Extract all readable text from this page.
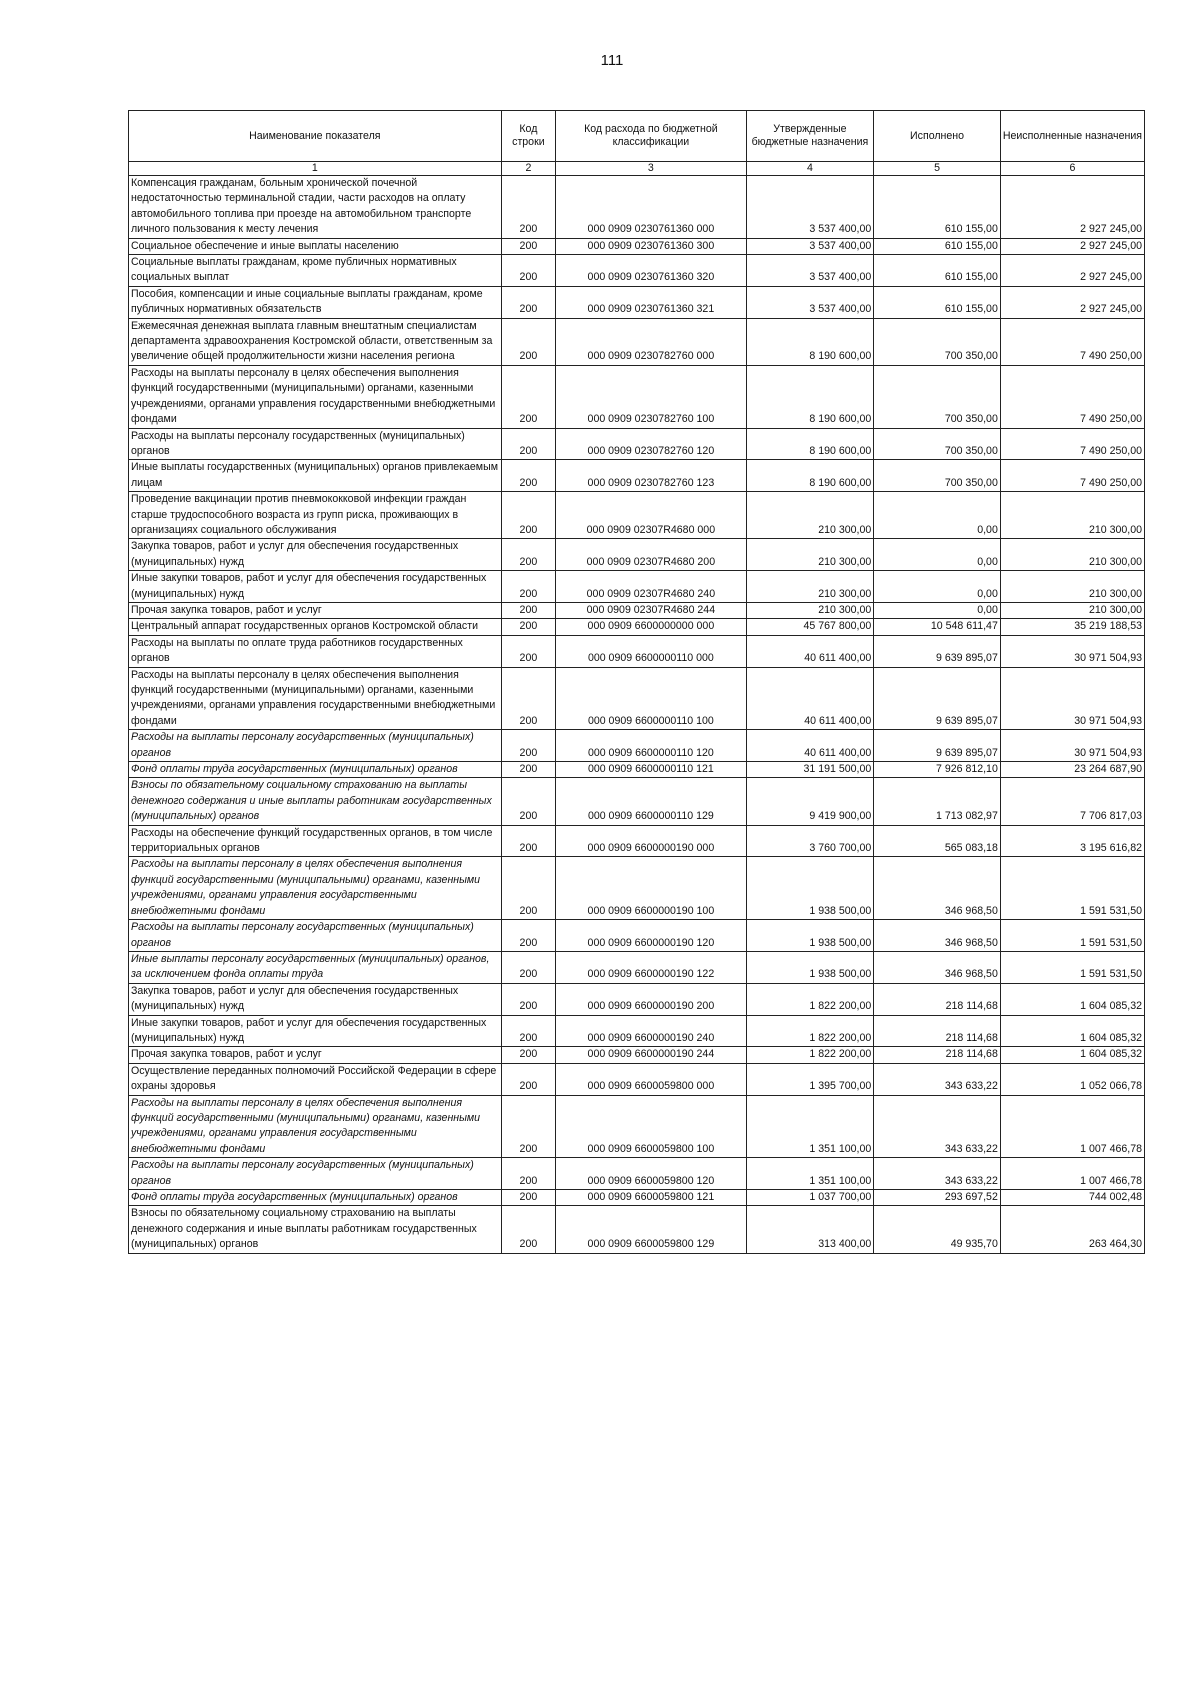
111
Наименование показателя	Код строки	Код расхода по бюджетной классификации	Утвержденные бюджетные назначения	Исполнено	Неисполненные назначения
1	2	3	4	5	6
Компенсация гражданам, больным хронической почечной недостаточностью терминальной стадии, части расходов на оплату автомобильного топлива при проезде на автомобильном транспорте личного пользования к месту лечения	200	000 0909 0230761360 000	3 537 400,00	610 155,00	2 927 245,00
Социальное обеспечение и иные выплаты населению	200	000 0909 0230761360 300	3 537 400,00	610 155,00	2 927 245,00
Социальные выплаты гражданам, кроме публичных нормативных социальных выплат	200	000 0909 0230761360 320	3 537 400,00	610 155,00	2 927 245,00
Пособия, компенсации и иные социальные выплаты гражданам, кроме публичных нормативных обязательств	200	000 0909 0230761360 321	3 537 400,00	610 155,00	2 927 245,00
Ежемесячная денежная выплата главным внештатным специалистам департамента здравоохранения Костромской области, ответственным за увеличение общей продолжительности жизни населения региона	200	000 0909 0230782760 000	8 190 600,00	700 350,00	7 490 250,00
Расходы на выплаты персоналу в целях обеспечения выполнения функций государственными (муниципальными) органами, казенными учреждениями, органами управления государственными внебюджетными фондами	200	000 0909 0230782760 100	8 190 600,00	700 350,00	7 490 250,00
Расходы на выплаты персоналу государственных (муниципальных) органов	200	000 0909 0230782760 120	8 190 600,00	700 350,00	7 490 250,00
Иные выплаты государственных (муниципальных) органов привлекаемым лицам	200	000 0909 0230782760 123	8 190 600,00	700 350,00	7 490 250,00
Проведение вакцинации против пневмококковой инфекции граждан старше трудоспособного возраста из групп риска, проживающих в организациях социального обслуживания	200	000 0909 02307R4680 000	210 300,00	0,00	210 300,00
Закупка товаров, работ и услуг для обеспечения государственных (муниципальных) нужд	200	000 0909 02307R4680 200	210 300,00	0,00	210 300,00
Иные закупки товаров, работ и услуг для обеспечения государственных (муниципальных) нужд	200	000 0909 02307R4680 240	210 300,00	0,00	210 300,00
Прочая закупка товаров, работ и услуг	200	000 0909 02307R4680 244	210 300,00	0,00	210 300,00
Центральный аппарат государственных органов Костромской области	200	000 0909 6600000000 000	45 767 800,00	10 548 611,47	35 219 188,53
Расходы на выплаты по оплате труда работников государственных органов	200	000 0909 6600000110 000	40 611 400,00	9 639 895,07	30 971 504,93
Расходы на выплаты персоналу в целях обеспечения выполнения функций государственными (муниципальными) органами, казенными учреждениями, органами управления государственными внебюджетными фондами	200	000 0909 6600000110 100	40 611 400,00	9 639 895,07	30 971 504,93
Расходы на выплаты персоналу государственных (муниципальных) органов	200	000 0909 6600000110 120	40 611 400,00	9 639 895,07	30 971 504,93
Фонд оплаты труда государственных (муниципальных) органов	200	000 0909 6600000110 121	31 191 500,00	7 926 812,10	23 264 687,90
Взносы по обязательному социальному страхованию на выплаты денежного содержания и иные выплаты работникам государственных (муниципальных) органов	200	000 0909 6600000110 129	9 419 900,00	1 713 082,97	7 706 817,03
Расходы на обеспечение функций государственных органов, в том числе территориальных органов	200	000 0909 6600000190 000	3 760 700,00	565 083,18	3 195 616,82
Расходы на выплаты персоналу в целях обеспечения выполнения функций государственными (муниципальными) органами, казенными учреждениями, органами управления государственными внебюджетными фондами	200	000 0909 6600000190 100	1 938 500,00	346 968,50	1 591 531,50
Расходы на выплаты персоналу государственных (муниципальных) органов	200	000 0909 6600000190 120	1 938 500,00	346 968,50	1 591 531,50
Иные выплаты персоналу государственных (муниципальных) органов, за исключением фонда оплаты труда	200	000 0909 6600000190 122	1 938 500,00	346 968,50	1 591 531,50
Закупка товаров, работ и услуг для обеспечения государственных (муниципальных) нужд	200	000 0909 6600000190 200	1 822 200,00	218 114,68	1 604 085,32
Иные закупки товаров, работ и услуг для обеспечения государственных (муниципальных) нужд	200	000 0909 6600000190 240	1 822 200,00	218 114,68	1 604 085,32
Прочая закупка товаров, работ и услуг	200	000 0909 6600000190 244	1 822 200,00	218 114,68	1 604 085,32
Осуществление переданных полномочий Российской Федерации в сфере охраны здоровья	200	000 0909 6600059800 000	1 395 700,00	343 633,22	1 052 066,78
Расходы на выплаты персоналу в целях обеспечения выполнения функций государственными (муниципальными) органами, казенными учреждениями, органами управления государственными внебюджетными фондами	200	000 0909 6600059800 100	1 351 100,00	343 633,22	1 007 466,78
Расходы на выплаты персоналу государственных (муниципальных) органов	200	000 0909 6600059800 120	1 351 100,00	343 633,22	1 007 466,78
Фонд оплаты труда государственных (муниципальных) органов	200	000 0909 6600059800 121	1 037 700,00	293 697,52	744 002,48
Взносы по обязательному социальному страхованию на выплаты денежного содержания и иные выплаты работникам государственных (муниципальных) органов	200	000 0909 6600059800 129	313 400,00	49 935,70	263 464,30
